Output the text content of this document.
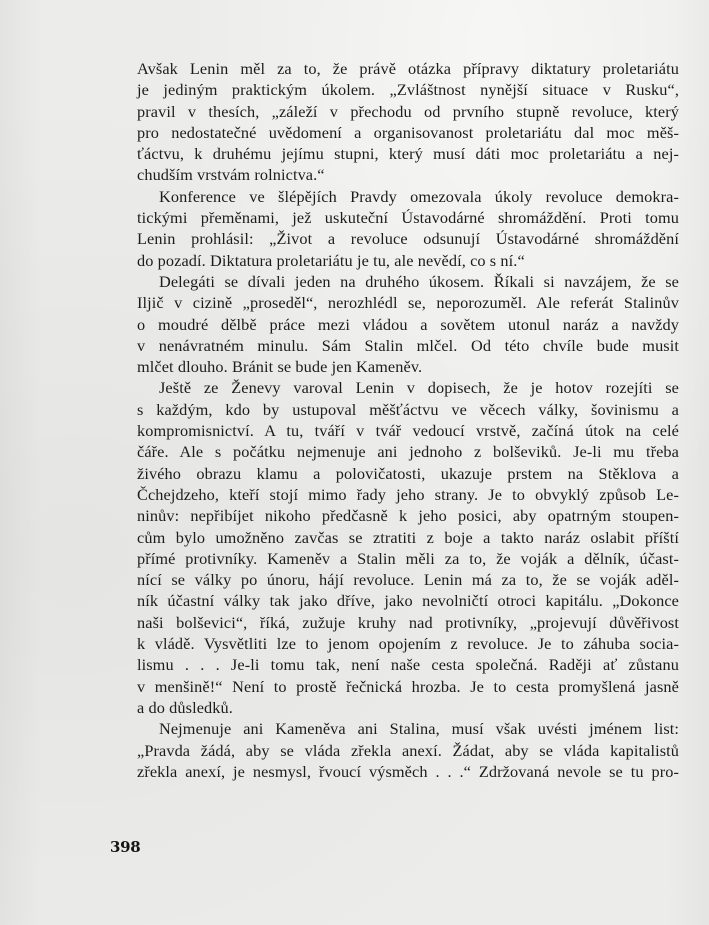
Avšak Lenin měl za to, že právě otázka přípravy diktatury proletariátu
je jediným praktickým úkolem. „Zvláštnost nynější situace v Rusku“,
pravil v thesích, „záleží v přechodu od prvního stupně revoluce, který
pro nedostatečné uvědomení a organisovanost proletariátu dal moc měš-
ťáctvu, k druhému jejímu stupni, který musí dáti moc proletariátu a nej-
chudším vrstvám rolnictva.“
Konference ve šlépějích Pravdy omezovala úkoly revoluce demokra-
tickými přeměnami, jež uskuteční Ústavodárné shromáždění. Proti tomu
Lenin prohlásil: „Život a revoluce odsunují Ústavodárné shromáždění
do pozadí. Diktatura proletariátu je tu, ale nevědí, co s ní.“
Delegáti se dívali jeden na druhého úkosem. Říkali si navzájem, že se
Iljič v cizině „proseděl“, nerozhlédl se, neporozuměl. Ale referát Stalinův
o moudré dělbě práce mezi vládou a sovětem utonul naráz a navždy
v nenávratném minulu. Sám Stalin mlčel. Od této chvíle bude musit
mlčet dlouho. Bránit se bude jen Kameněv.
Ještě ze Ženevy varoval Lenin v dopisech, že je hotov rozejíti se
s každým, kdo by ustupoval měšťáctvu ve věcech války, šovinismu a
kompromisnictví. A tu, tváří v tvář vedoucí vrstvě, začíná útok na celé
čáře. Ale s počátku nejmenuje ani jednoho z bolševiků. Je-li mu třeba
živého obrazu klamu a polovičatosti, ukazuje prstem na Stěklova a
Čchejdzeho, kteří stojí mimo řady jeho strany. Je to obvyklý způsob Le-
ninův: nepřibíjet nikoho předčasně k jeho posici, aby opatrným stoupen-
cům bylo umožněno zavčas se ztratiti z boje a takto naráz oslabit příští
přímé protivníky. Kameněv a Stalin měli za to, že voják a dělník, účast-
nící se války po únoru, hájí revoluce. Lenin má za to, že se voják aděl-
ník účastní války tak jako dříve, jako nevolničtí otroci kapitálu. „Dokonce
naši bolševici“, říká, zužuje kruhy nad protivníky, „projevují důvěřivost
k vládě. Vysvětliti lze to jenom opojením z revoluce. Je to záhuba socia-
lismu . . . Je-li tomu tak, není naše cesta společná. Raději ať zůstanu
v menšině!“ Není to prostě řečnická hrozba. Je to cesta promyšlená jasně
a do důsledků.
Nejmenuje ani Kameněva ani Stalina, musí však uvésti jménem list:
„Pravda žádá, aby se vláda zřekla anexí. Žádat, aby se vláda kapitalistů
zřekla anexí, je nesmysl, řvoucí výsměch . . .“ Zdržovaná nevole se tu pro-
398
